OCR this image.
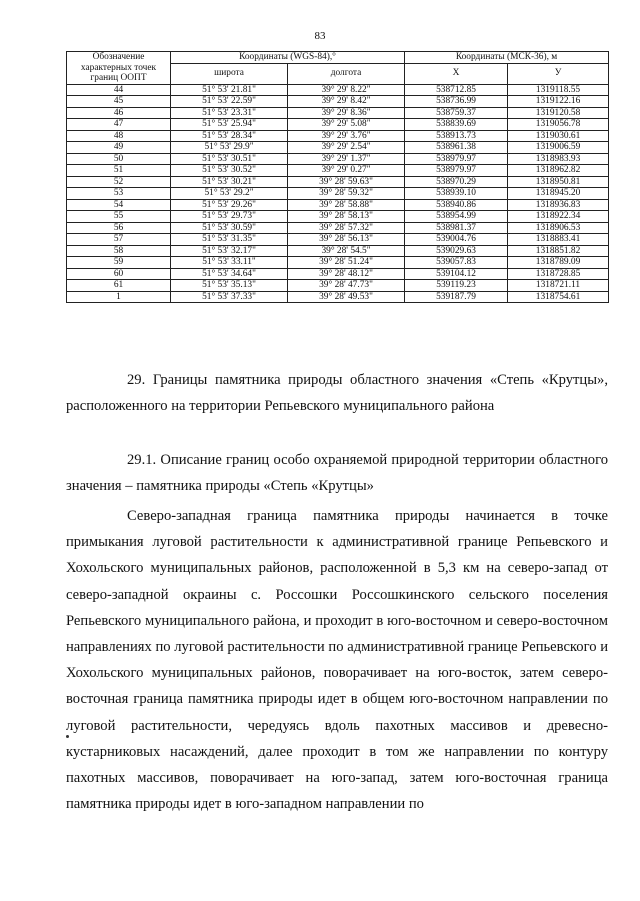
83
Обозначение характерных точек границ ООПТ	Координаты (WGS-84),°		Координаты (МСК-36), м	
	широта	долгота	X	У

44	51° 53' 21.81"	39° 29' 8.22"	538712.85	1319118.55
45	51° 53' 22.59"	39° 29' 8.42"	538736.99	1319122.16
46	51° 53' 23.31"	39° 29' 8.36"	538759.37	1319120.58
47	51° 53' 25.94"	39° 29' 5.08"	538839.69	1319056.78
48	51° 53' 28.34"	39° 29' 3.76"	538913.73	1319030.61
49	51° 53' 29.9"	39° 29' 2.54"	538961.38	1319006.59
50	51° 53' 30.51"	39° 29' 1.37"	538979.97	1318983.93
51	51° 53' 30.52"	39° 29' 0.27"	538979.97	1318962.82
52	51° 53' 30.21"	39° 28' 59.63"	538970.29	1318950.81
53	51° 53' 29.2"	39° 28' 59.32"	538939.10	1318945.20
54	51° 53' 29.26"	39° 28' 58.88"	538940.86	1318936.83
55	51° 53' 29.73"	39° 28' 58.13"	538954.99	1318922.34
56	51° 53' 30.59"	39° 28' 57.32"	538981.37	1318906.53
57	51° 53' 31.35"	39° 28' 56.13"	539004.76	1318883.41
58	51° 53' 32.17"	39° 28' 54.5"	539029.63	1318851.82
59	51° 53' 33.11"	39° 28' 51.24"	539057.83	1318789.09
60	51° 53' 34.64"	39° 28' 48.12"	539104.12	1318728.85
61	51° 53' 35.13"	39° 28' 47.73"	539119.23	1318721.11
1	51° 53' 37.33"	39° 28' 49.53"	539187.79	1318754.61

29. Границы памятника природы областного значения «Степь «Крутцы», расположенного на территории Репьевского муниципального района

29.1. Описание границ особо охраняемой природной территории областного значения – памятника природы «Степь «Крутцы»

Северо-западная граница памятника природы начинается в точке примыкания луговой растительности к административной границе Репьевского и Хохольского муниципальных районов, расположенной в 5,3 км на северо-запад от северо-западной окраины с. Россошки Россошкинского сельского поселения Репьевского муниципального района, и проходит в юго-восточном и северо-восточном направлениях по луговой растительности по административной границе Репьевского и Хохольского муниципальных районов, поворачивает на юго-восток, затем северо-восточная граница памятника природы идет в общем юго-восточном направлении по луговой растительности, чередуясь вдоль пахотных массивов и древесно-кустарниковых насаждений, далее проходит в том же направлении по контуру пахотных массивов, поворачивает на юго-запад, затем юго-восточная граница памятника природы идет в юго-западном направлении по
